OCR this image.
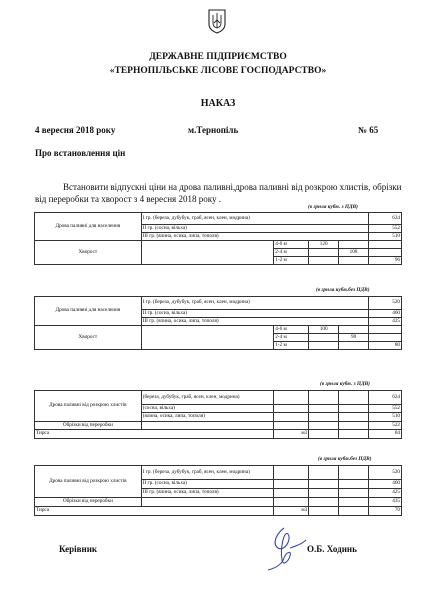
ДЕРЖАВНЕ ПІДПРИЄМСТВО
«ТЕРНОПІЛЬСЬКЕ ЛІСОВЕ ГОСПОДАРСТВО»
НАКАЗ
4 вересня 2018 року	м.Тернопіль	№ 65
Про встановлення цін
Встановити відпускні ціни на дрова паливні,дрова паливні від розкрою хлистів, обрізки від переробки та хворост з 4 вересня 2018 року .
(в грнла кубм. з ПДВ)
Дрова паливні для населення	І гр. (береза, дубубук, граб, ясен, клен, модрина)				624
	ІІ гр. (сосна, вільха)				552
	ІІІ гр. (ялина, осика, липа, тополя)				510
Хворост		4-6 м	120		
		2-4 м		108	
		1-2 м			96
(в грнла кубм.без ПДВ)
Дрова паливні для населення	І гр. (береза, дубубук, граб, ясен, клен, модрина)				520
	ІІ гр. (сосна, вільха)				460
	ІІІ гр. (ялина, осика, липа, тополя)				425
Хворост		4-6 м	100		
		2-4 м		90	
		1-2 м			80
(в грнла кубм. з ПДВ)
Дрова паливні від розкрою хлистів	(береза, дубубук, граб, ясен, клен, модрина)				624
	(сосна, вільха)				552
	(ялина, осика, липа, тополя)				510
Обрізки від переробки					522
Тирса		м3			84
(в грнла кубм.без ПДВ)
Дрова паливні від розкрою хлистів	І гр. (береза, дубубук, граб, ясен, клен, модрина)				520
	ІІ гр. (сосна, вільха)				460
	ІІІ гр. (ялина, осика, липа, тополя)				425
Обрізки від переробки					435
Тирса		м3			70
Керівник	О.Б. Ходинь
